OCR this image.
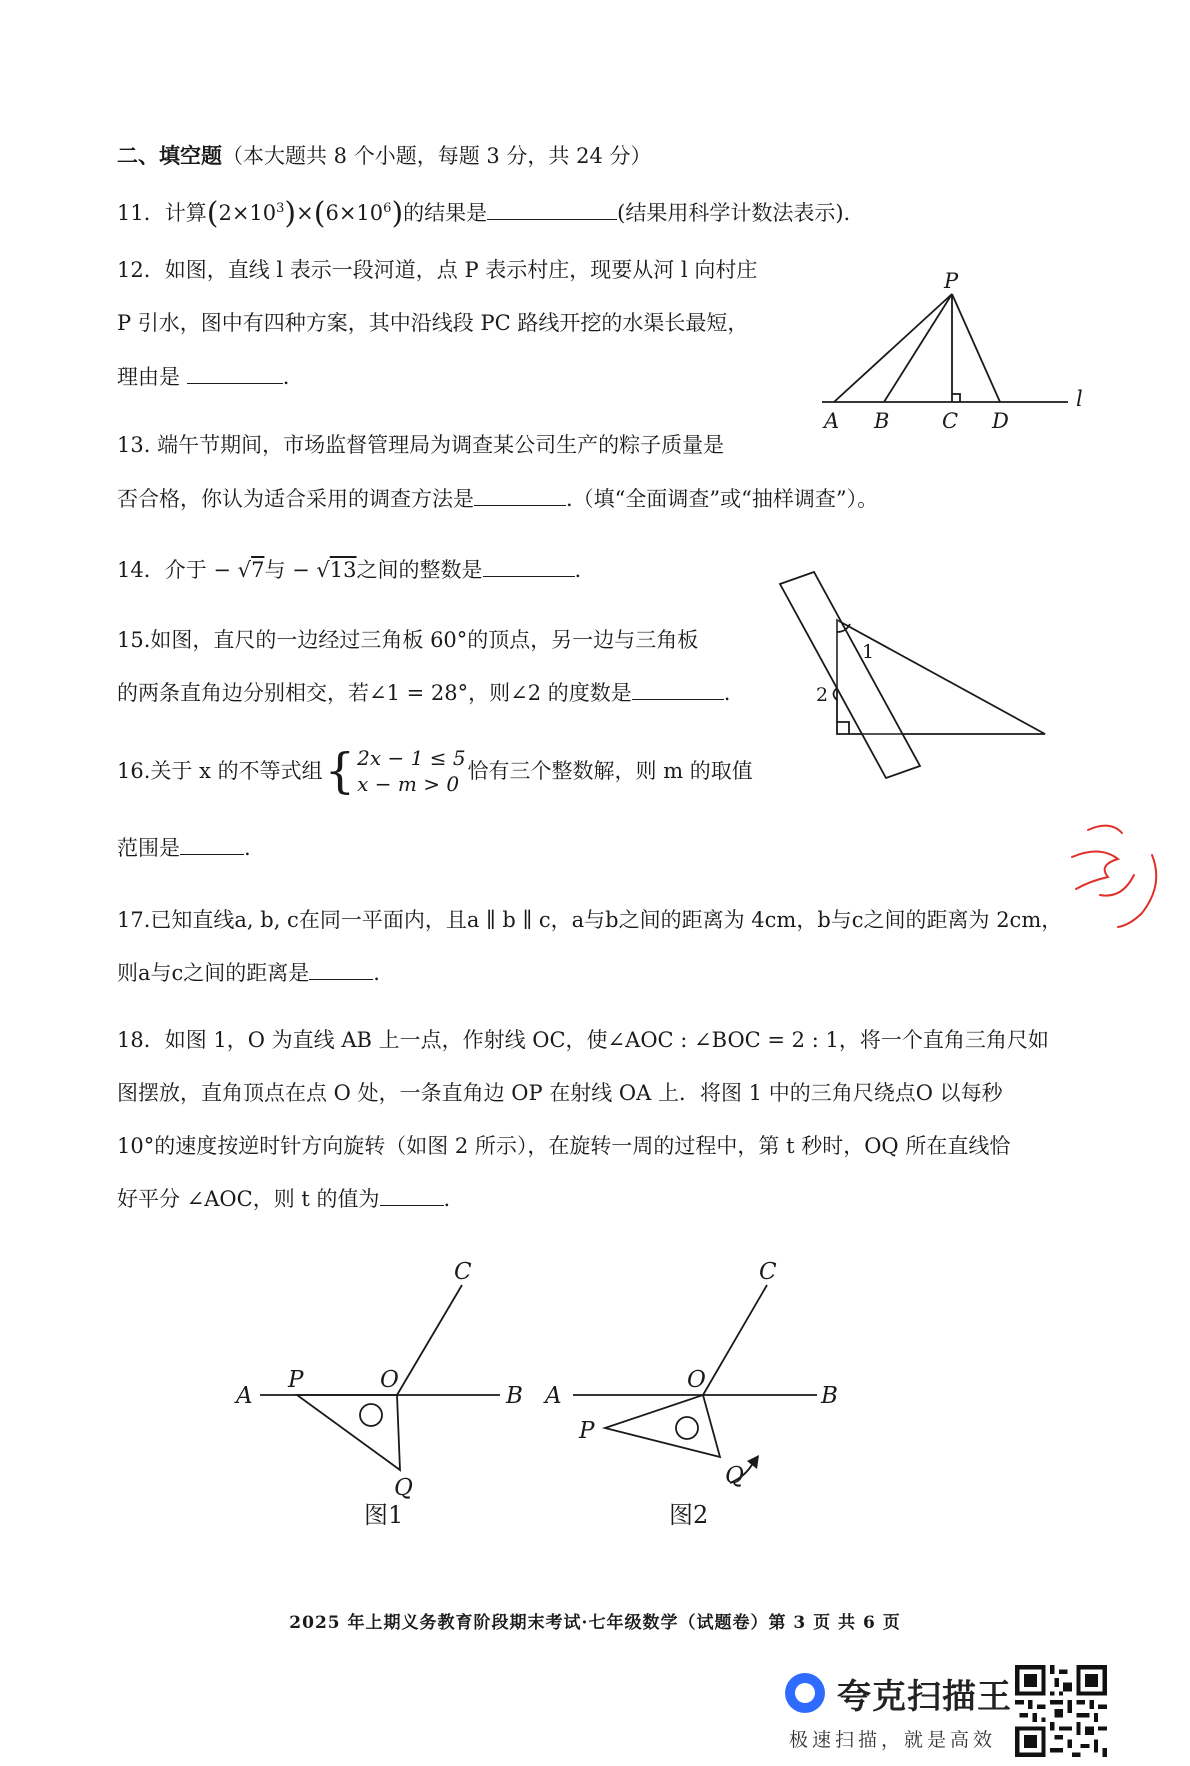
二、填空题（本大题共 8 个小题，每题 3 分，共 24 分）
11．计算$(2\times 10^3)\times(6\times 10^6)$的结果是	(结果用科学计数法表示).
12．如图，直线 l 表示一段河道，点 P 表示村庄，现要从河 l 向村庄
P 引水，图中有四种方案，其中沿线段 PC 路线开挖的水渠长最短，
理由是	.
P
A B	C D
l
13. 端午节期间，市场监督管理局为调查某公司生产的粽子质量是
否合格，你认为适合采用的调查方法是	.（填“全面调查”或“抽样调查”）。
14．介于 − √7与 − √13之间的整数是	.
15.如图，直尺的一边经过三角板 60°的顶点，另一边与三角板
的两条直角边分别相交，若∠1 = 28°，则∠2 的度数是	.
1
2
16.关于 x 的不等式组 { 2x − 1 ≤ 5
x − m > 0
恰有三个整数解，则 m 的取值
范围是	.
17.已知直线a, b, c在同一平面内，且a ∥ b ∥ c，a与b之间的距离为 4cm，b与c之间的距离为 2cm，
则a与c之间的距离是	.
18．如图 1，O 为直线 AB 上一点，作射线 OC，使∠AOC : ∠BOC = 2 : 1，将一个直角三角尺如
图摆放，直角顶点在点 O 处，一条直角边 OP 在射线 OA 上．将图 1 中的三角尺绕点O 以每秒
10°的速度按逆时针方向旋转（如图 2 所示），在旋转一周的过程中，第 t 秒时，OQ 所在直线恰
好平分 ∠AOC，则 t 的值为	.
A
P	O
B
C
Q
图1
A
P
O
B
C
Q
图2
2025 年上期义务教育阶段期末考试·七年级数学（试题卷）第 3 页 共 6 页
夸克扫描王
极速扫描，就是高效
